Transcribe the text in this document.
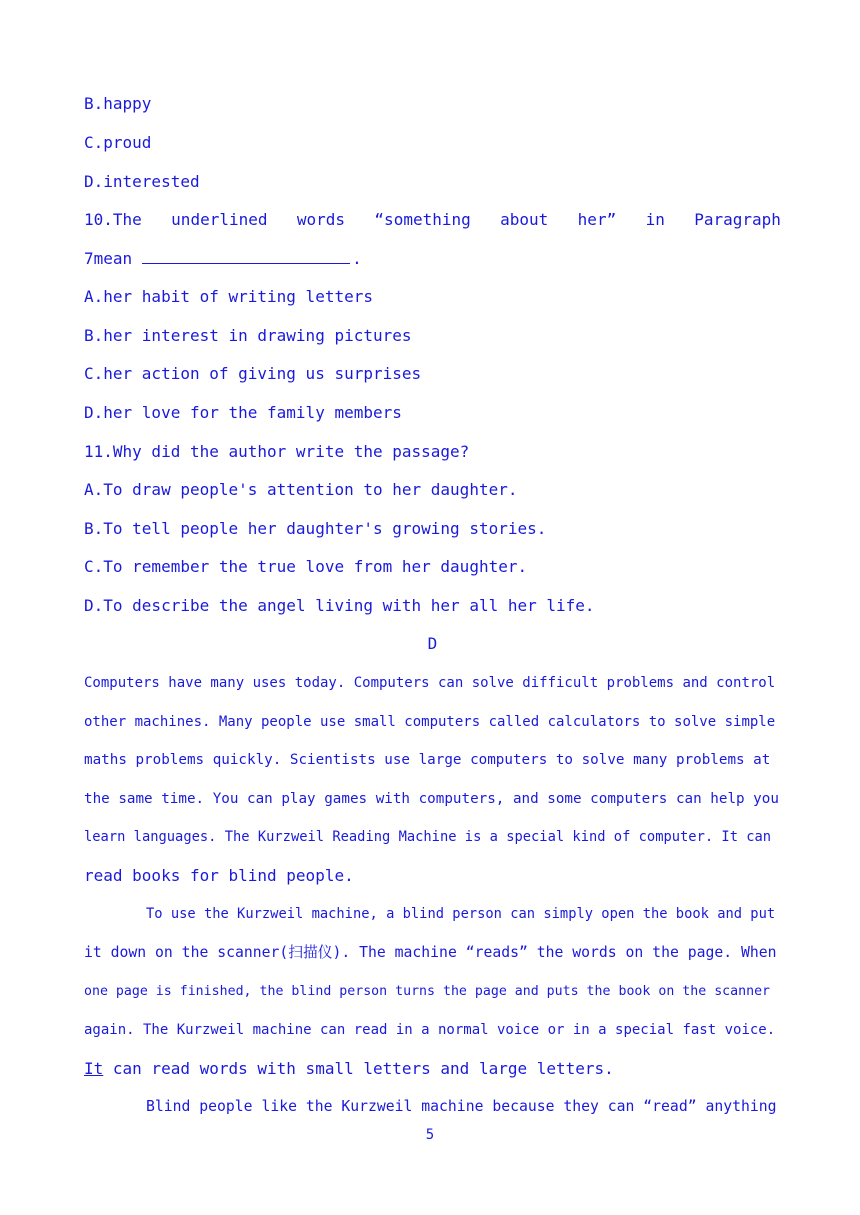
B.happy
C.proud
D.interested
10.The underlined words “something about her” in Paragraph
7mean	.
A.her habit of writing letters
B.her interest in drawing pictures
C.her action of giving us surprises
D.her love for the family members
11.Why did the author write the passage?
A.To draw people's attention to her daughter.
B.To tell people her daughter's growing stories.
C.To remember the true love from her daughter.
D.To describe the angel living with her all her life.
D
Computers have many uses today. Computers can solve difficult problems and control
other machines. Many people use small computers called calculators to solve simple
maths problems quickly. Scientists use large computers to solve many problems at
the same time. You can play games with computers, and some computers can help you
learn languages. The Kurzweil Reading Machine is a special kind of computer. It can
read books for blind people.
To use the Kurzweil machine, a blind person can simply open the book and put
it down on the scanner(扫描仪). The machine “reads” the words on the page. When
one page is finished, the blind person turns the page and puts the book on the scanner
again. The Kurzweil machine can read in a normal voice or in a special fast voice.
It can read words with small letters and large letters.
Blind people like the Kurzweil machine because they can “read” anything
5
